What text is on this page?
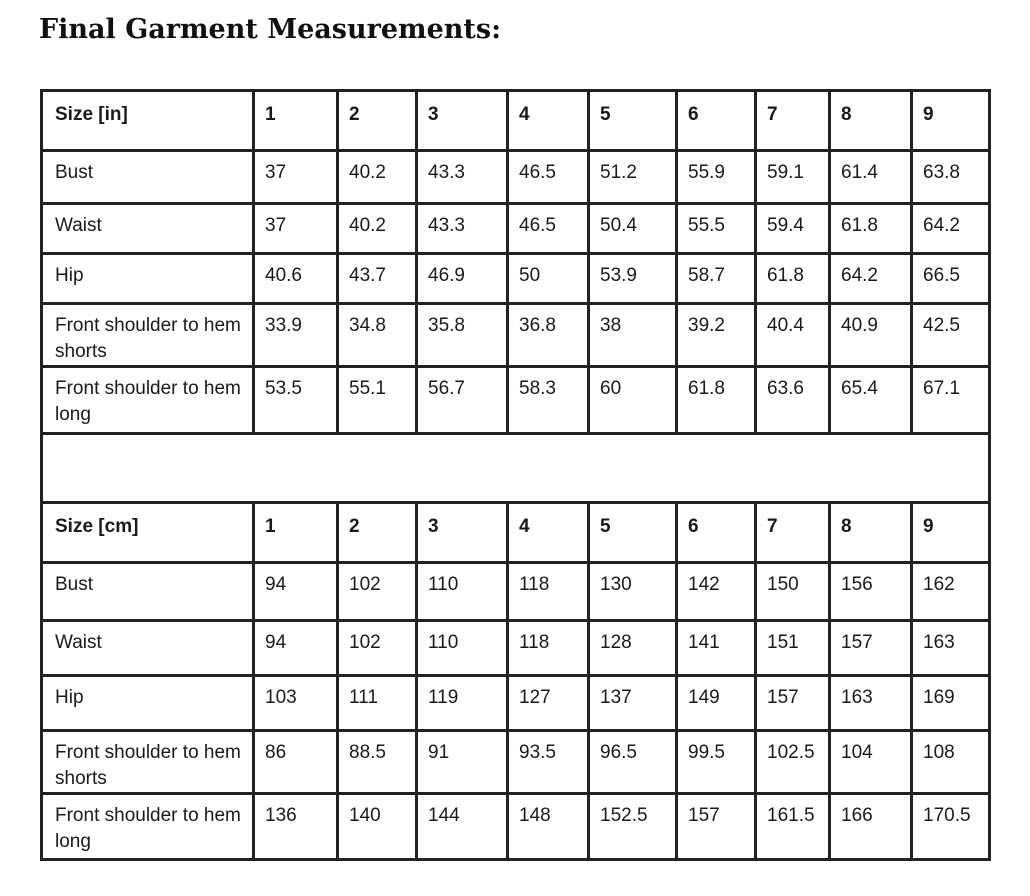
Final Garment Measurements:
Size [in]	1	2	3	4	5	6	7	8	9
Bust	37	40.2	43.3	46.5	51.2	55.9	59.1	61.4	63.8
Waist	37	40.2	43.3	46.5	50.4	55.5	59.4	61.8	64.2
Hip	40.6	43.7	46.9	50	53.9	58.7	61.8	64.2	66.5
Front shoulder to hem shorts	33.9	34.8	35.8	36.8	38	39.2	40.4	40.9	42.5
Front shoulder to hem long	53.5	55.1	56.7	58.3	60	61.8	63.6	65.4	67.1

Size [cm]	1	2	3	4	5	6	7	8	9
Bust	94	102	110	118	130	142	150	156	162
Waist	94	102	110	118	128	141	151	157	163
Hip	103	111	119	127	137	149	157	163	169
Front shoulder to hem shorts	86	88.5	91	93.5	96.5	99.5	102.5	104	108
Front shoulder to hem long	136	140	144	148	152.5	157	161.5	166	170.5
